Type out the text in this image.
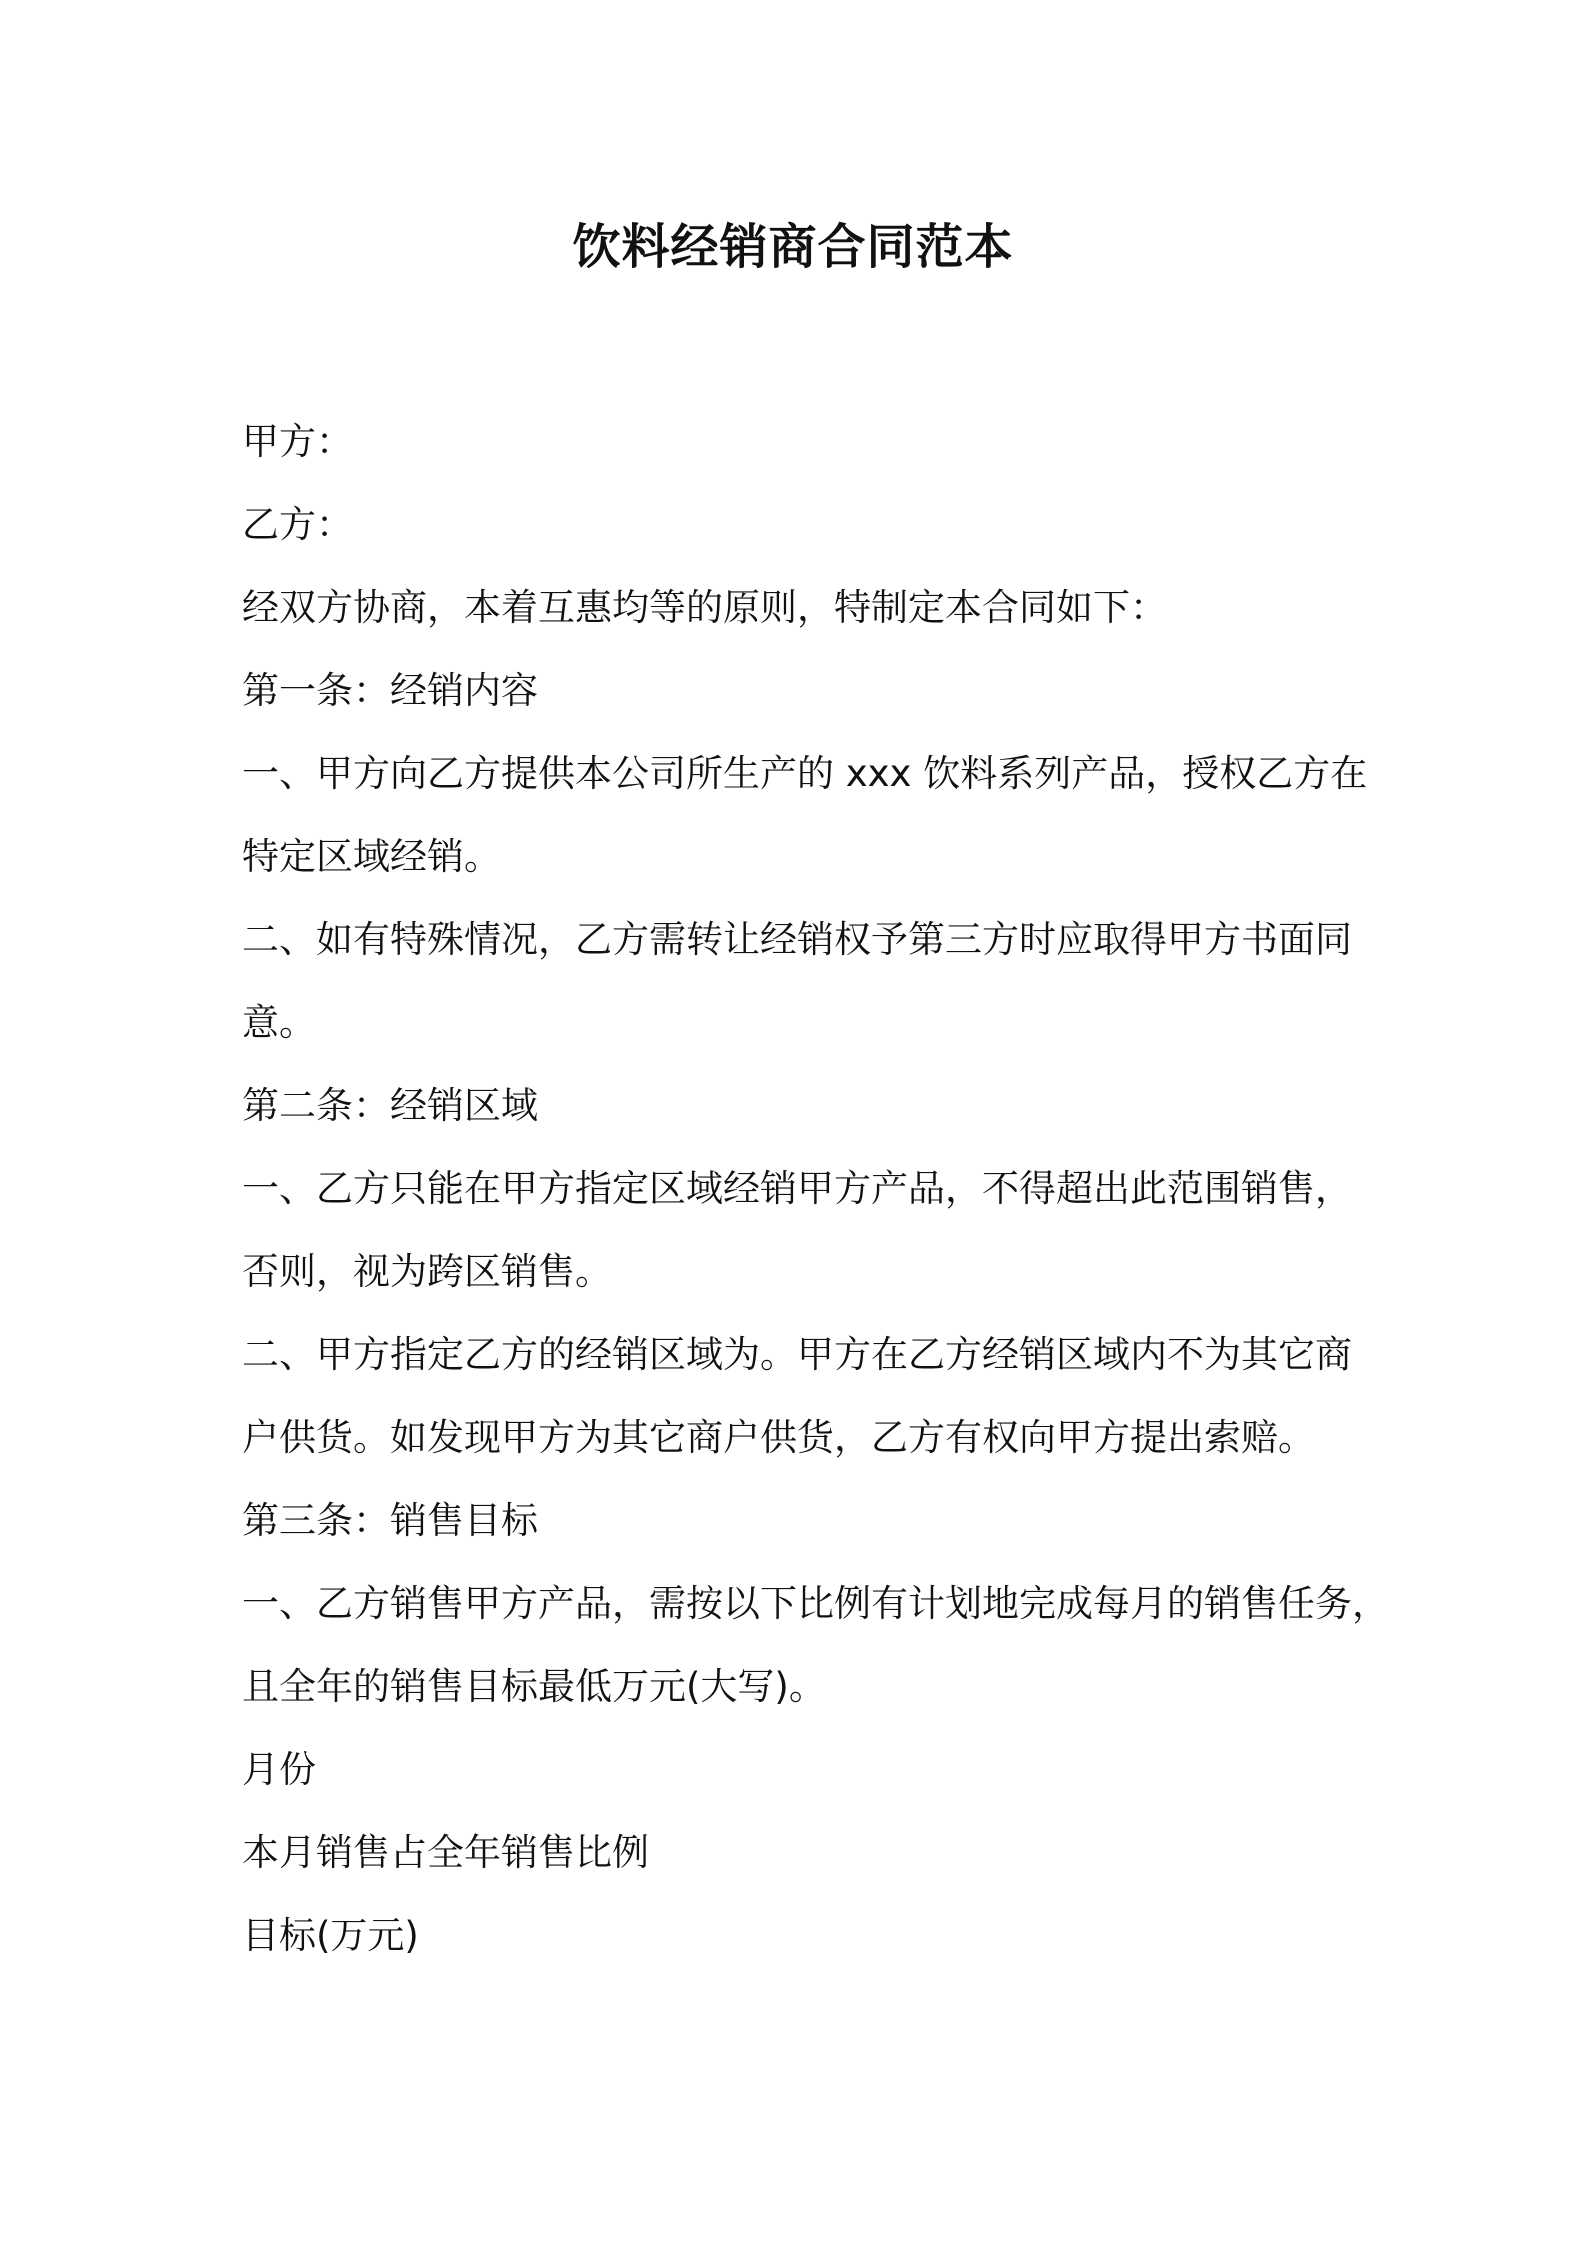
饮料经销商合同范本

甲方：

乙方：

经双方协商，本着互惠均等的原则，特制定本合同如下：

第一条：经销内容

一、甲方向乙方提供本公司所生产的 xxx 饮料系列产品，授权乙方在

特定区域经销。

二、如有特殊情况，乙方需转让经销权予第三方时应取得甲方书面同

意。

第二条：经销区域

一、乙方只能在甲方指定区域经销甲方产品，不得超出此范围销售，

否则，视为跨区销售。

二、甲方指定乙方的经销区域为。甲方在乙方经销区域内不为其它商

户供货。如发现甲方为其它商户供货，乙方有权向甲方提出索赔。

第三条：销售目标

一、乙方销售甲方产品，需按以下比例有计划地完成每月的销售任务，

且全年的销售目标最低万元(大写)。

月份

本月销售占全年销售比例

目标(万元)
